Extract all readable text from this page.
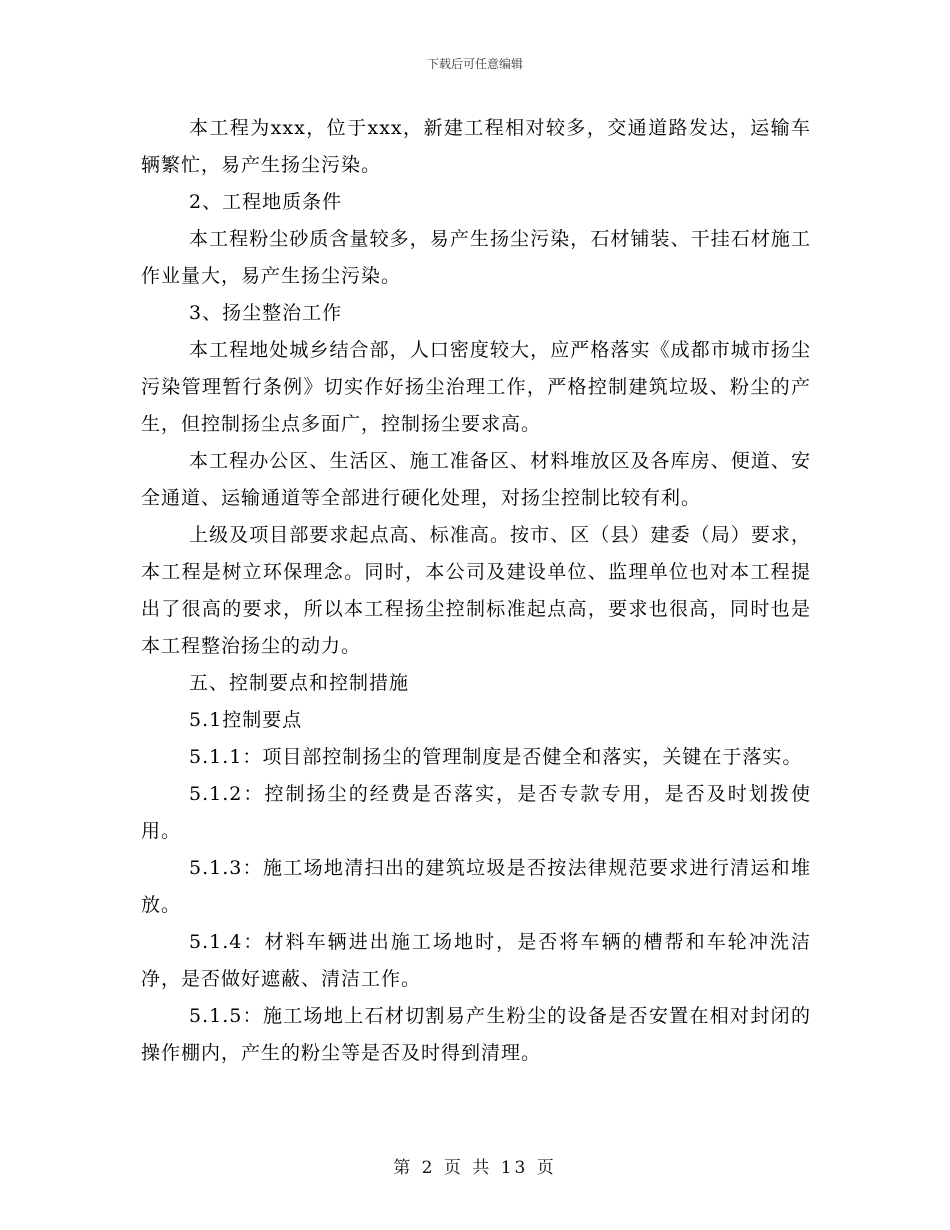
下载后可任意编辑

本工程为xxx，位于xxx，新建工程相对较多，交通道路发达，运输车辆繁忙，易产生扬尘污染。

2、工程地质条件

本工程粉尘砂质含量较多，易产生扬尘污染，石材铺装、干挂石材施工作业量大，易产生扬尘污染。

3、扬尘整治工作

本工程地处城乡结合部，人口密度较大，应严格落实《成都市城市扬尘污染管理暂行条例》切实作好扬尘治理工作，严格控制建筑垃圾、粉尘的产生，但控制扬尘点多面广，控制扬尘要求高。

本工程办公区、生活区、施工准备区、材料堆放区及各库房、便道、安全通道、运输通道等全部进行硬化处理，对扬尘控制比较有利。

上级及项目部要求起点高、标准高。按市、区（县）建委（局）要求，本工程是树立环保理念。同时，本公司及建设单位、监理单位也对本工程提出了很高的要求，所以本工程扬尘控制标准起点高，要求也很高，同时也是本工程整治扬尘的动力。

五、控制要点和控制措施

5.1控制要点

5.1.1：项目部控制扬尘的管理制度是否健全和落实，关键在于落实。

5.1.2：控制扬尘的经费是否落实，是否专款专用，是否及时划拨使用。

5.1.3：施工场地清扫出的建筑垃圾是否按法律规范要求进行清运和堆放。

5.1.4：材料车辆进出施工场地时，是否将车辆的槽帮和车轮冲洗洁净，是否做好遮蔽、清洁工作。

5.1.5：施工场地上石材切割易产生粉尘的设备是否安置在相对封闭的操作棚内，产生的粉尘等是否及时得到清理。

第 2 页 共 13 页
